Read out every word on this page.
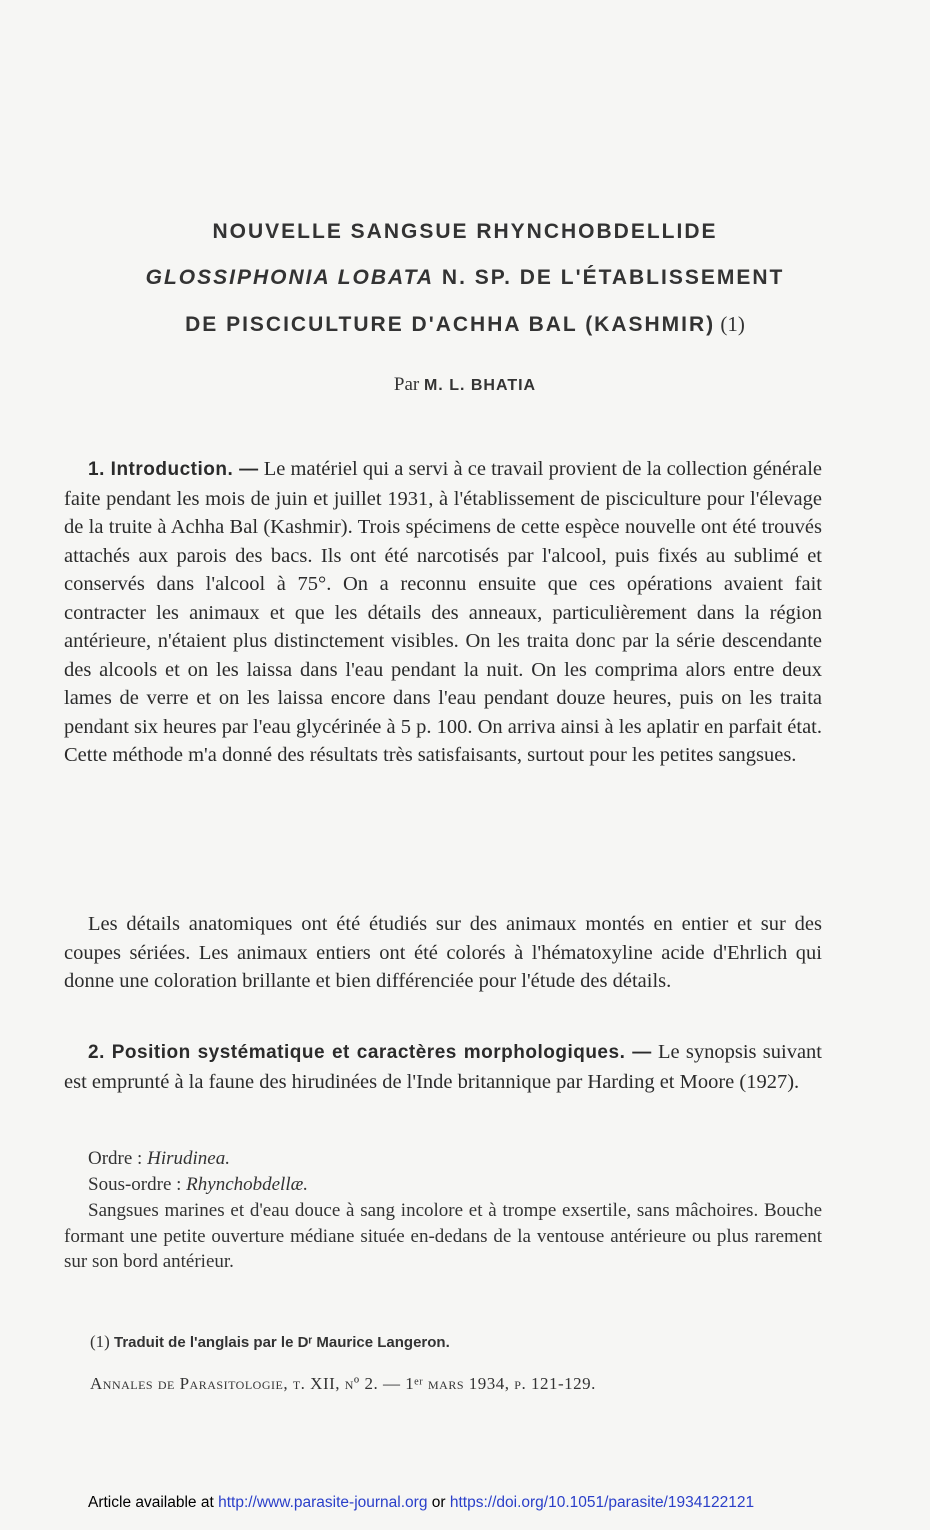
NOUVELLE SANGSUE RHYNCHOBDELLIDE
GLOSSIPHONIA LOBATA N. SP. DE L'ÉTABLISSEMENT
DE PISCICULTURE D'ACHHA BAL (KASHMIR) (1)
Par M. L. BHATIA

1. Introduction. — Le matériel qui a servi à ce travail provient de la collection générale faite pendant les mois de juin et juillet 1931, à l'établissement de pisciculture pour l'élevage de la truite à Achha Bal (Kashmir). Trois spécimens de cette espèce nouvelle ont été trouvés attachés aux parois des bacs. Ils ont été narcotisés par l'alcool, puis fixés au sublimé et conservés dans l'alcool à 75°. On a reconnu ensuite que ces opérations avaient fait contracter les animaux et que les détails des anneaux, particulièrement dans la région antérieure, n'étaient plus distinctement visibles. On les traita donc par la série descendante des alcools et on les laissa dans l'eau pendant la nuit. On les comprima alors entre deux lames de verre et on les laissa encore dans l'eau pendant douze heures, puis on les traita pendant six heures par l'eau glycérinée à 5 p. 100. On arriva ainsi à les aplatir en parfait état. Cette méthode m'a donné des résultats très satisfaisants, surtout pour les petites sangsues.

Les détails anatomiques ont été étudiés sur des animaux montés en entier et sur des coupes sériées. Les animaux entiers ont été colorés à l'hématoxyline acide d'Ehrlich qui donne une coloration brillante et bien différenciée pour l'étude des détails.

2. Position systématique et caractères morphologiques. — Le synopsis suivant est emprunté à la faune des hirudinées de l'Inde britannique par Harding et Moore (1927).

Ordre : Hirudinea.
Sous-ordre : Rhynchobdellæ.

Sangsues marines et d'eau douce à sang incolore et à trompe exsertile, sans mâchoires. Bouche formant une petite ouverture médiane située en-dedans de la ventouse antérieure ou plus rarement sur son bord antérieur.

(1) Traduit de l'anglais par le Dʳ Maurice Langeron.
Annales de Parasitologie, t. XII, nº 2. — 1ᵉʳ mars 1934, p. 121-129.
Article available at http://www.parasite-journal.org or https://doi.org/10.1051/parasite/1934122121
